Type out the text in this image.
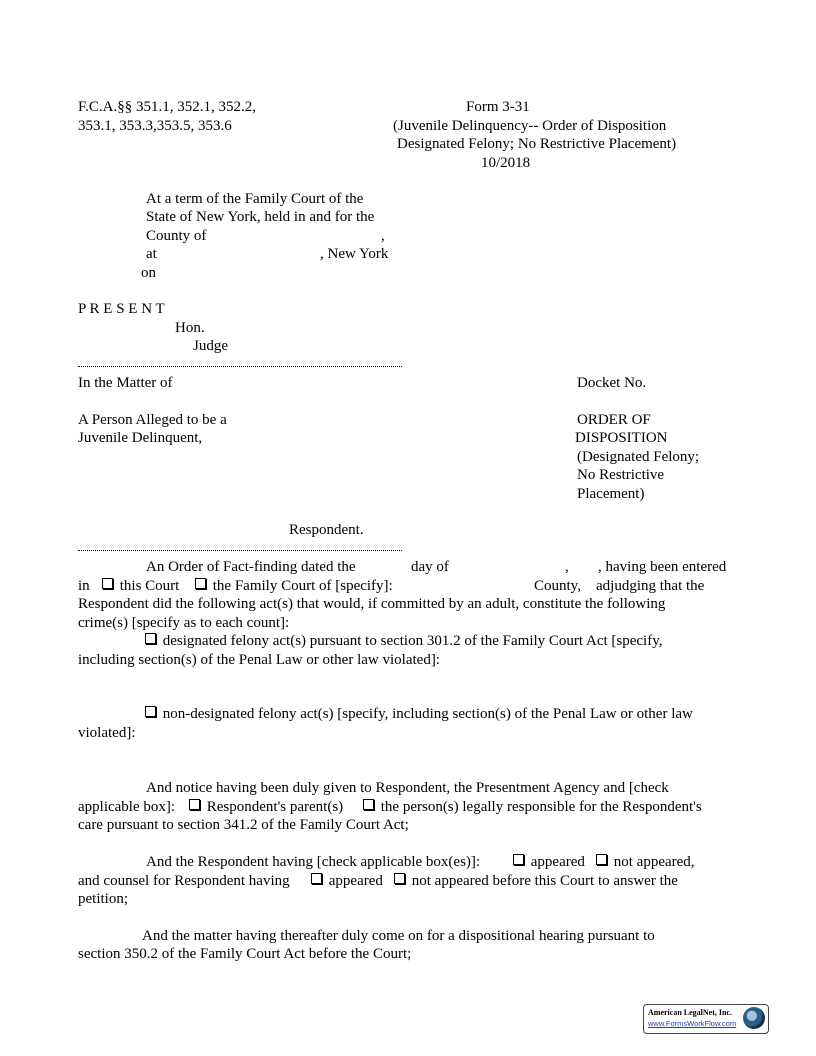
F.C.A.§§ 351.1, 352.1, 352.2,
353.1, 353.3,353.5, 353.6
Form 3-31
(Juvenile Delinquency-- Order of Disposition
Designated Felony; No Restrictive Placement)
10/2018
At a term of the Family Court of the
State of New York, held in and for the
County of	,
at	, New York
on
P R E S E N T
Hon.
Judge
In the Matter of	Docket No.
A Person Alleged to be a
Juvenile Delinquent,
ORDER OF
DISPOSITION
(Designated Felony;
No Restrictive
Placement)
Respondent.
An Order of Fact-finding dated the	day of	, , having been entered
in	this Court	the Family Court of [specify]:	County, adjudging that the
Respondent did the following act(s) that would, if committed by an adult, constitute the following
crime(s) [specify as to each count]:
designated felony act(s) pursuant to section 301.2 of the Family Court Act [specify,
including section(s) of the Penal Law or other law violated]:
non-designated felony act(s) [specify, including section(s) of the Penal Law or other law
violated]:
And notice having been duly given to Respondent, the Presentment Agency and [check
applicable box]:	Respondent's parent(s)	the person(s) legally responsible for the Respondent's
care pursuant to section 341.2 of the Family Court Act;
And the Respondent having [check applicable box(es)]:	appeared	not appeared,
and counsel for Respondent having	appeared	not appeared before this Court to answer the
petition;
And the matter having thereafter duly come on for a dispositional hearing pursuant to
section 350.2 of the Family Court Act before the Court;
American LegalNet, Inc.
www.FormsWorkFlow.com
